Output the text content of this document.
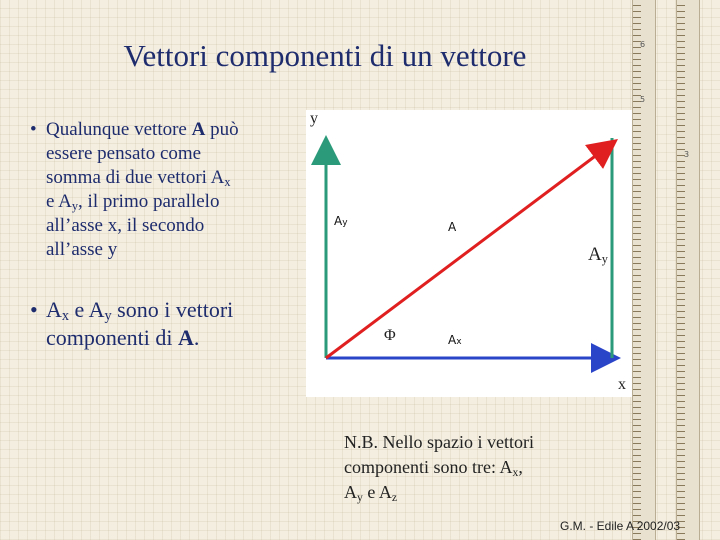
6
5
3
Vettori componenti di un vettore
• Qualunque vettore A può
essere pensato come
somma di due vettori $A_x$
e $A_y$, il primo parallelo
all’asse x, il secondo
all’asse y
• $A_x$ e $A_y$ sono i vettori
componenti di A.
y
x
Ay	A
$A_y$
Φ	Ax
N.B. Nello spazio i vettori
componenti sono tre: $A_x$,
$A_y$ e $A_z$
G.M. - Edile A 2002/03
